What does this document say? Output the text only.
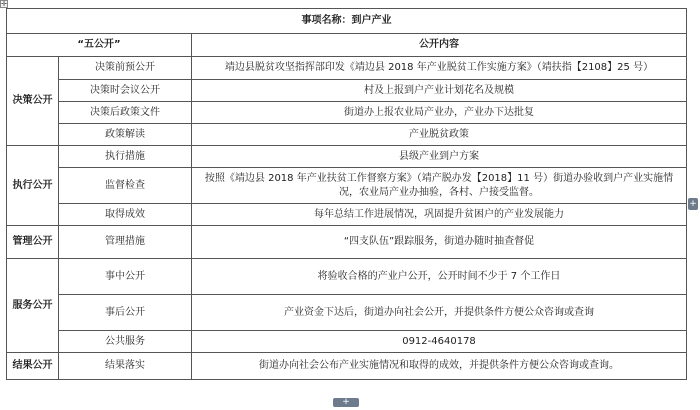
✛
事项名称：到户产业		
“五公开”		公开内容
决策公开	决策前预公开	靖边县脱贫攻坚指挥部印发《靖边县 2018 年产业脱贫工作实施方案》（靖扶指【2108】25 号）
	决策时会议公开	村及上报到户产业计划花名及规模
	决策后政策文件	街道办上报农业局产业办，产业办下达批复
	政策解读	产业脱贫政策
执行公开	执行措施	县级产业到户方案
	监督检查	按照《靖边县 2018 年产业扶贫工作督察方案》（靖产脱办发【2018】11 号）街道办验收到户产业实施情况，农业局产业办抽验，各村、户接受监督。
	取得成效	每年总结工作进展情况，巩固提升贫困户的产业发展能力
管理公开	管理措施	“四支队伍”跟踪服务，街道办随时抽查督促
服务公开	事中公开	将验收合格的产业户公开，公开时间不少于 7 个工作日
	事后公开	产业资金下达后，街道办向社会公开，并提供条件方便公众咨询或查询
	公共服务	0912-4640178
结果公开	结果落实	街道办向社会公布产业实施情况和取得的成效，并提供条件方便公众咨询或查询。
+
+
